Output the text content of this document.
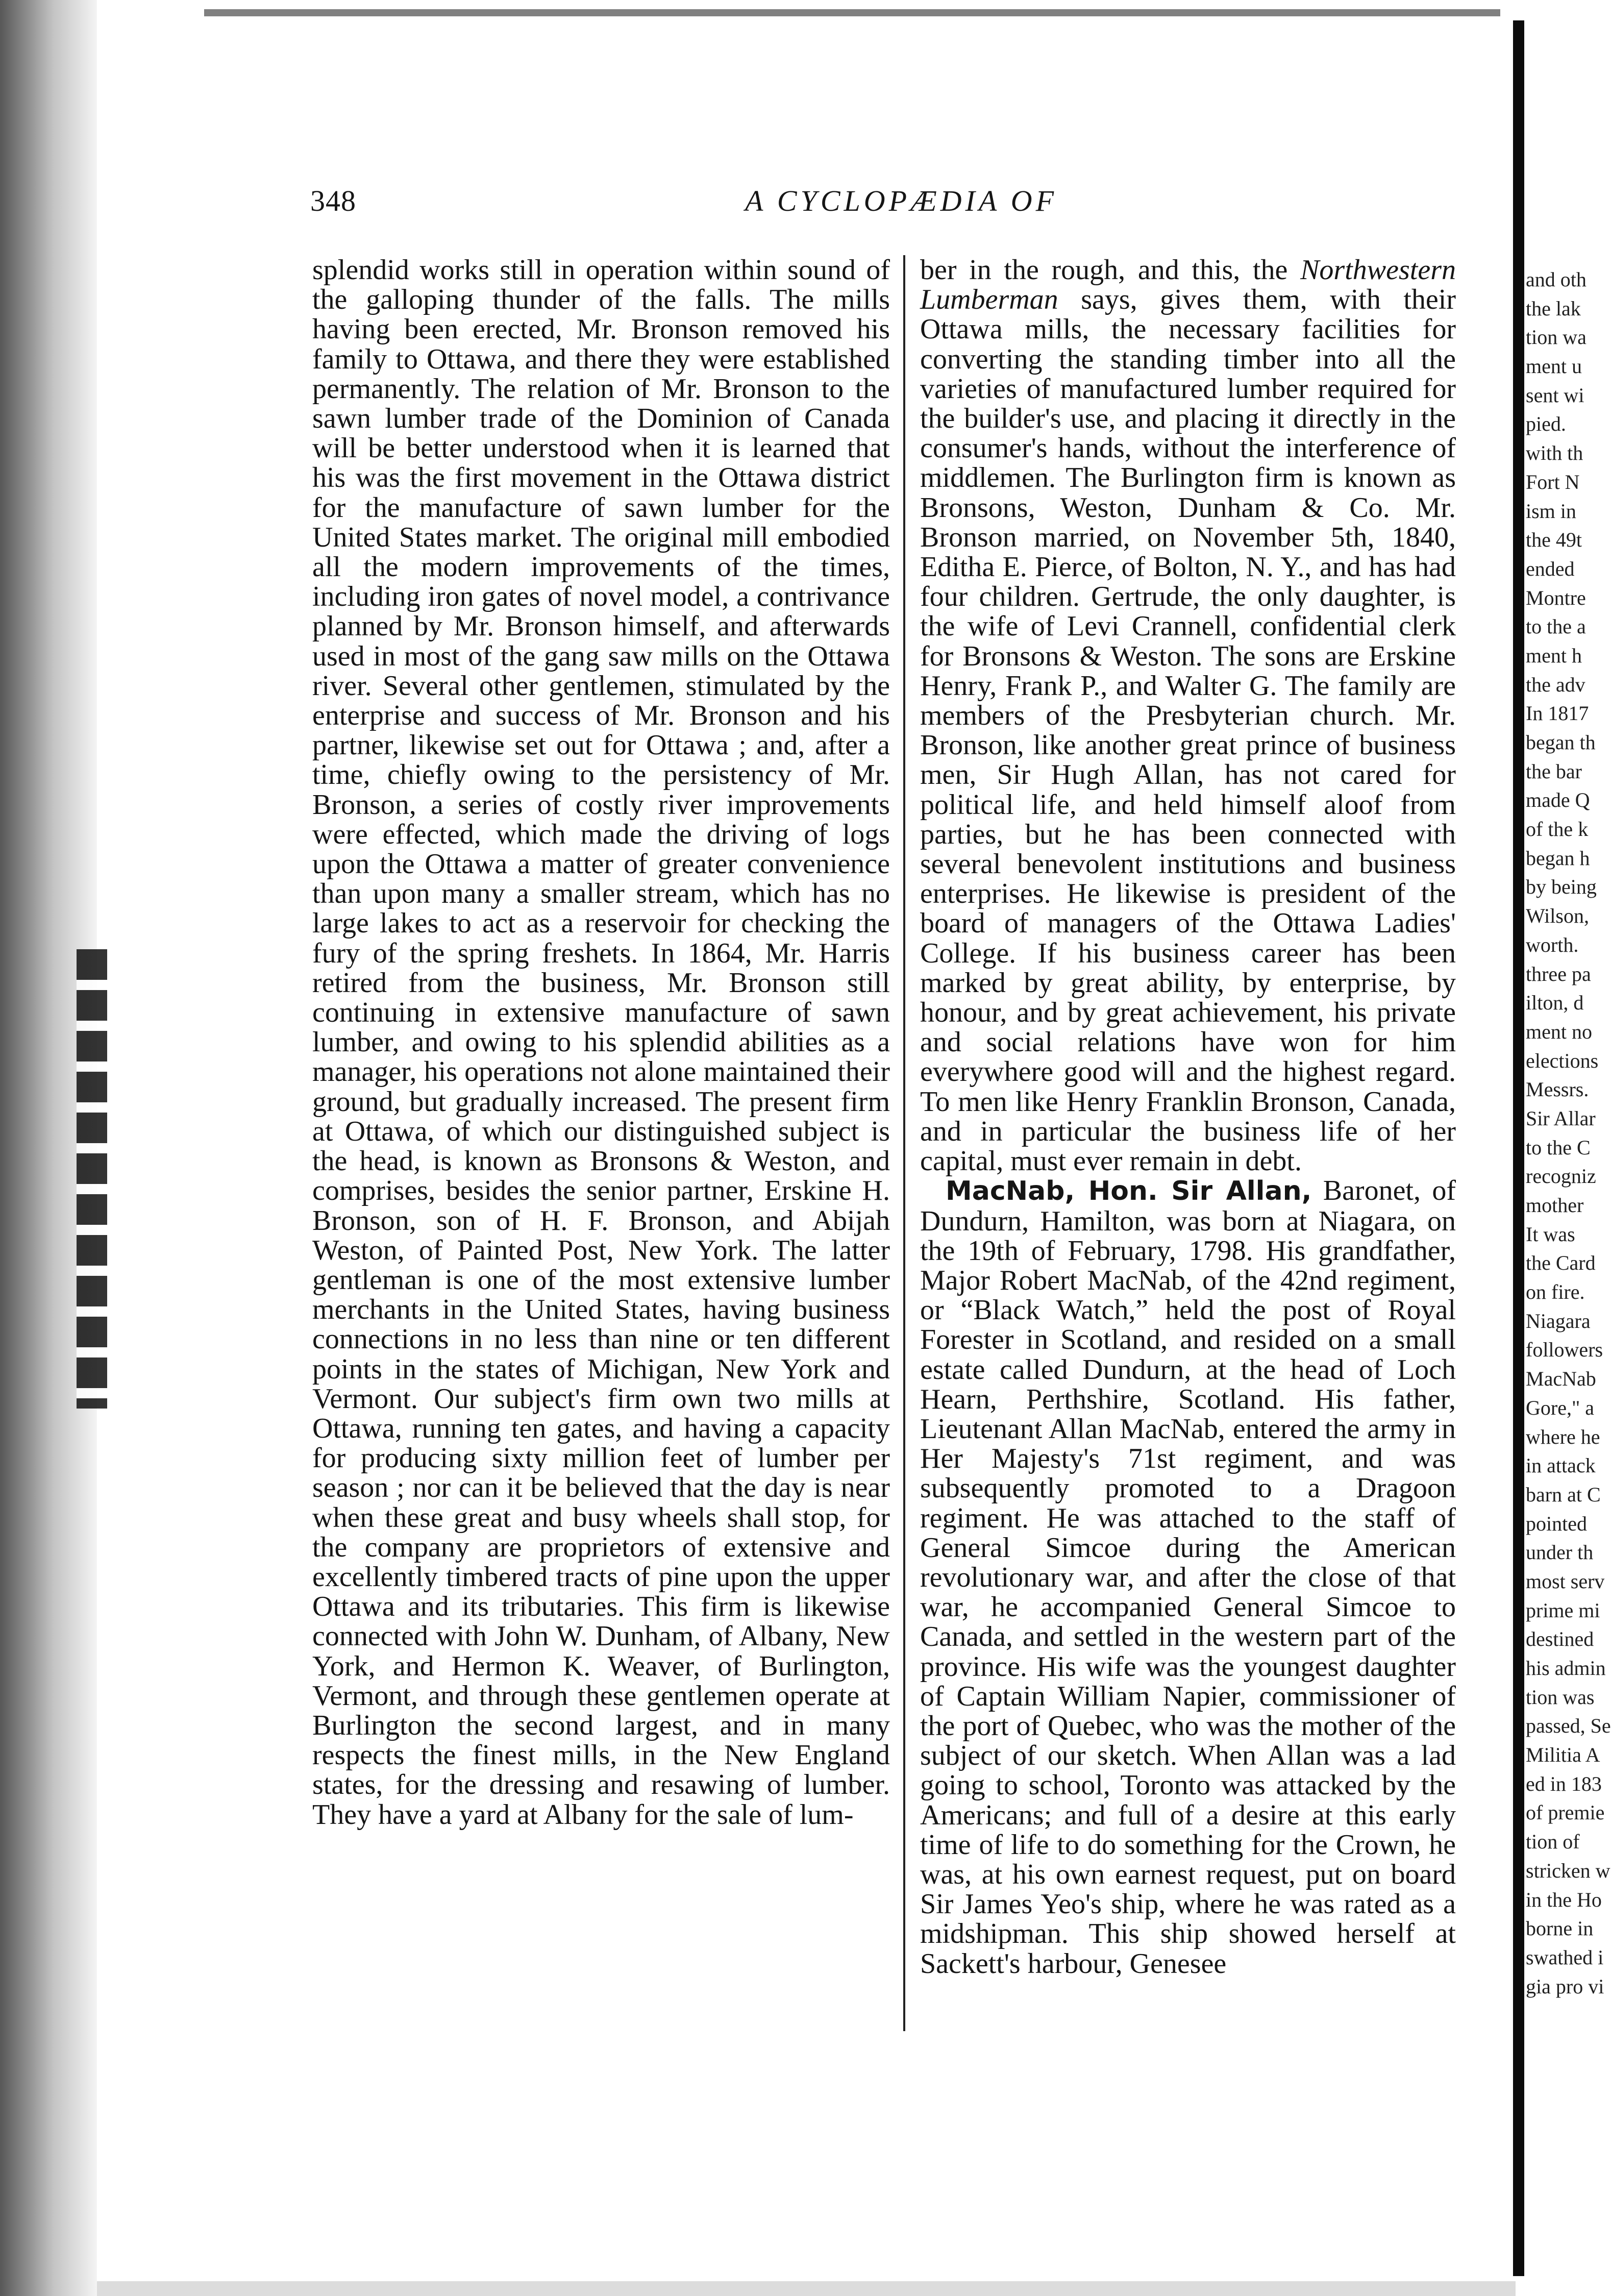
348	A CYCLOPÆDIA OF

splendid works still in operation within sound of the galloping thunder of the falls. The mills having been erected, Mr. Bronson removed his family to Ottawa, and there they were established permanently. The relation of Mr. Bronson to the sawn lumber trade of the Dominion of Canada will be better understood when it is learned that his was the first movement in the Ottawa district for the manufacture of sawn lumber for the United States market. The original mill embodied all the modern improvements of the times, including iron gates of novel model, a contrivance planned by Mr. Bronson himself, and afterwards used in most of the gang saw mills on the Ottawa river. Several other gentlemen, stimulated by the enterprise and success of Mr. Bronson and his partner, likewise set out for Ottawa ; and, after a time, chiefly owing to the persistency of Mr. Bronson, a series of costly river improvements were effected, which made the driving of logs upon the Ottawa a matter of greater convenience than upon many a smaller stream, which has no large lakes to act as a reservoir for checking the fury of the spring freshets. In 1864, Mr. Harris retired from the business, Mr. Bronson still continuing in extensive manufacture of sawn lumber, and owing to his splendid abilities as a manager, his operations not alone maintained their ground, but gradually increased. The present firm at Ottawa, of which our distinguished subject is the head, is known as Bronsons & Weston, and comprises, besides the senior partner, Erskine H. Bronson, son of H. F. Bronson, and Abijah Weston, of Painted Post, New York. The latter gentleman is one of the most extensive lumber merchants in the United States, having business connections in no less than nine or ten different points in the states of Michigan, New York and Vermont. Our subject's firm own two mills at Ottawa, running ten gates, and having a capacity for producing sixty million feet of lumber per season ; nor can it be believed that the day is near when these great and busy wheels shall stop, for the company are proprietors of extensive and excellently timbered tracts of pine upon the upper Ottawa and its tributaries. This firm is likewise connected with John W. Dunham, of Albany, New York, and Hermon K. Weaver, of Burlington, Vermont, and through these gentlemen operate at Burlington the second largest, and in many respects the finest mills, in the New England states, for the dressing and resawing of lumber. They have a yard at Albany for the sale of lum-

ber in the rough, and this, the Northwestern Lumberman says, gives them, with their Ottawa mills, the necessary facilities for converting the standing timber into all the varieties of manufactured lumber required for the builder's use, and placing it directly in the consumer's hands, without the interference of middlemen. The Burlington firm is known as Bronsons, Weston, Dunham & Co. Mr. Bronson married, on November 5th, 1840, Editha E. Pierce, of Bolton, N. Y., and has had four children. Gertrude, the only daughter, is the wife of Levi Crannell, confidential clerk for Bronsons & Weston. The sons are Erskine Henry, Frank P., and Walter G. The family are members of the Presbyterian church. Mr. Bronson, like another great prince of business men, Sir Hugh Allan, has not cared for political life, and held himself aloof from parties, but he has been connected with several benevolent institutions and business enterprises. He likewise is president of the board of managers of the Ottawa Ladies' College. If his business career has been marked by great ability, by enterprise, by honour, and by great achievement, his private and social relations have won for him everywhere good will and the highest regard. To men like Henry Franklin Bronson, Canada, and in particular the business life of her capital, must ever remain in debt.

MacNab, Hon. Sir Allan, Baronet, of Dundurn, Hamilton, was born at Niagara, on the 19th of February, 1798. His grandfather, Major Robert MacNab, of the 42nd regiment, or “Black Watch,” held the post of Royal Forester in Scotland, and resided on a small estate called Dundurn, at the head of Loch Hearn, Perthshire, Scotland. His father, Lieutenant Allan MacNab, entered the army in Her Majesty's 71st regiment, and was subsequently promoted to a Dragoon regiment. He was attached to the staff of General Simcoe during the American revolutionary war, and after the close of that war, he accompanied General Simcoe to Canada, and settled in the western part of the province. His wife was the youngest daughter of Captain William Napier, commissioner of the port of Quebec, who was the mother of the subject of our sketch. When Allan was a lad going to school, Toronto was attacked by the Americans; and full of a desire at this early time of life to do something for the Crown, he was, at his own earnest request, put on board Sir James Yeo's ship, where he was rated as a midshipman. This ship showed herself at Sackett's harbour, Genesee

and oth
the lak
tion wa
ment u
sent wi
pied.
with th
Fort N
ism in
the 49t
ended
Montre
to the a
ment h
the adv
In 1817
began th
the bar
made Q
of the k
began h
by being
Wilson,
worth.
three pa
ilton, d
ment no
elections
Messrs.
Sir Allar
to the C
recogniz
mother
It was
the Card
on fire.
Niagara
followers
MacNab
Gore," a
where he
in attack
barn at C
pointed
under th
most serv
prime mi
destined
his admin
tion was
passed, Se
Militia A
ed in 183
of premie
tion of
stricken w
in the Ho
borne in
swathed i
gia pro vi
